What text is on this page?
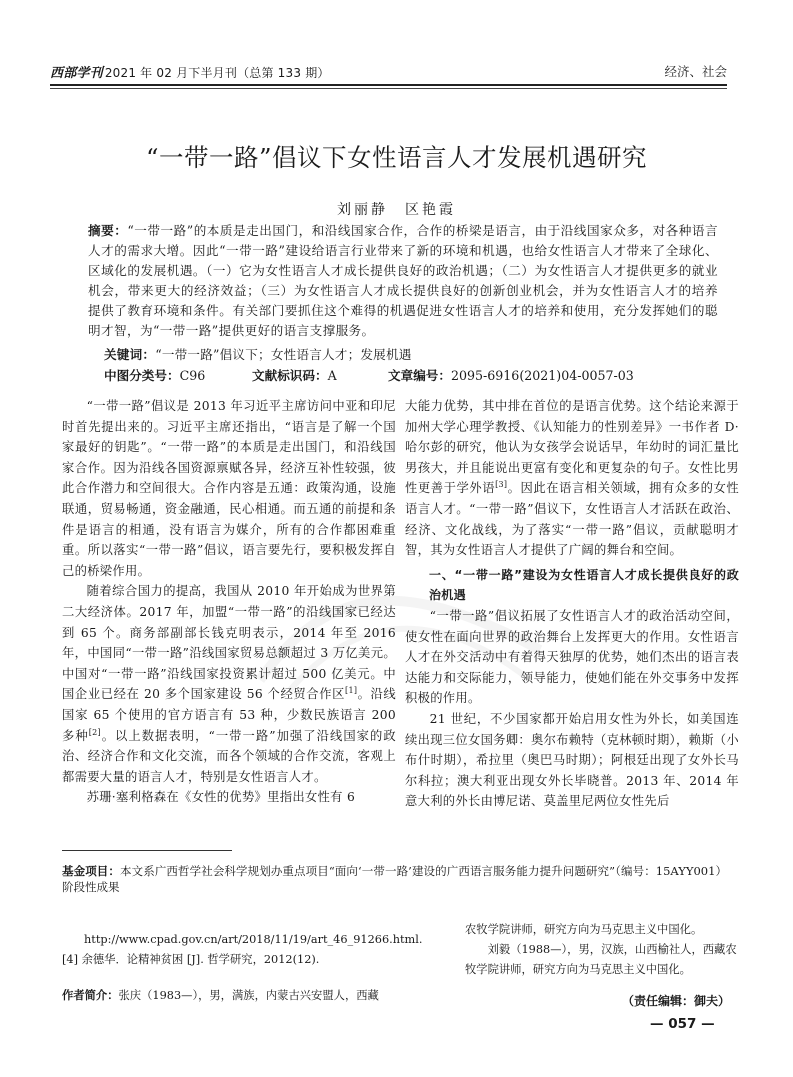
西部学刊 2021 年 02 月下半月刊（总第 133 期）	经济、社会
“一带一路”倡议下女性语言人才发展机遇研究
刘丽静　区艳霞
摘要：“一带一路”的本质是走出国门，和沿线国家合作，合作的桥梁是语言，由于沿线国家众多，对各种语言人才的需求大增。因此“一带一路”建设给语言行业带来了新的环境和机遇，也给女性语言人才带来了全球化、区域化的发展机遇。（一）它为女性语言人才成长提供良好的政治机遇；（二）为女性语言人才提供更多的就业机会，带来更大的经济效益；（三）为女性语言人才成长提供良好的创新创业机会，并为女性语言人才的培养提供了教育环境和条件。有关部门要抓住这个难得的机遇促进女性语言人才的培养和使用，充分发挥她们的聪明才智，为“一带一路”提供更好的语言支撑服务。
关键词：“一带一路”倡议下；女性语言人才；发展机遇
中图分类号：C96	文献标识码：A	文章编号：2095-6916(2021)04-0057-03

“一带一路”倡议是 2013 年习近平主席访问中亚和印尼时首先提出来的。习近平主席还指出，“语言是了解一个国家最好的钥匙”。“一带一路”的本质是走出国门，和沿线国家合作。因为沿线各国资源禀赋各异，经济互补性较强，彼此合作潜力和空间很大。合作内容是五通：政策沟通，设施联通，贸易畅通，资金融通，民心相通。而五通的前提和条件是语言的相通，没有语言为媒介，所有的合作都困难重重。所以落实“一带一路”倡议，语言要先行，要积极发挥自己的桥梁作用。

随着综合国力的提高，我国从 2010 年开始成为世界第二大经济体。2017 年，加盟“一带一路”的沿线国家已经达到 65 个。商务部副部长钱克明表示，2014 年至 2016 年，中国同“一带一路”沿线国家贸易总额超过 3 万亿美元。中国对“一带一路”沿线国家投资累计超过 500 亿美元。中国企业已经在 20 多个国家建设 56 个经贸合作区[1]。沿线国家 65 个使用的官方语言有 53 种，少数民族语言 200 多种[2]。以上数据表明，“一带一路”加强了沿线国家的政治、经济合作和文化交流，而各个领域的合作交流，客观上都需要大量的语言人才，特别是女性语言人才。

苏珊·塞利格森在《女性的优势》里指出女性有 6

大能力优势，其中排在首位的是语言优势。这个结论来源于加州大学心理学教授、《认知能力的性别差异》一书作者 D·哈尔彭的研究，他认为女孩学会说话早，年幼时的词汇量比男孩大，并且能说出更富有变化和更复杂的句子。女性比男性更善于学外语[3]。因此在语言相关领域，拥有众多的女性语言人才。“一带一路”倡议下，女性语言人才活跃在政治、经济、文化战线，为了落实“一带一路”倡议，贡献聪明才智，其为女性语言人才提供了广阔的舞台和空间。

一、“一带一路”建设为女性语言人才成长提供良好的政治机遇

“一带一路”倡议拓展了女性语言人才的政治活动空间，使女性在面向世界的政治舞台上发挥更大的作用。女性语言人才在外交活动中有着得天独厚的优势，她们杰出的语言表达能力和交际能力，领导能力，使她们能在外交事务中发挥积极的作用。

21 世纪，不少国家都开始启用女性为外长，如美国连续出现三位女国务卿：奥尔布赖特（克林顿时期），赖斯（小布什时期），希拉里（奥巴马时期）；阿根廷出现了女外长马尔科拉；澳大利亚出现女外长毕晓普。2013 年、2014 年意大利的外长由博尼诺、莫盖里尼两位女性先后

基金项目：本文系广西哲学社会科学规划办重点项目“面向‘一带一路’建设的广西语言服务能力提升问题研究”（编号：15AYY001）阶段性成果
http://www.cpad.gov.cn/art/2018/11/19/art_46_91266.html.
[4] 余德华．论精神贫困 [J]. 哲学研究，2012(12).
农牧学院讲师，研究方向为马克思主义中国化。
刘毅（1988—），男，汉族，山西榆社人，西藏农
牧学院讲师，研究方向为马克思主义中国化。
作者简介：张庆（1983—），男，满族，内蒙古兴安盟人，西藏	（责任编辑：御夫）
— 057 —
